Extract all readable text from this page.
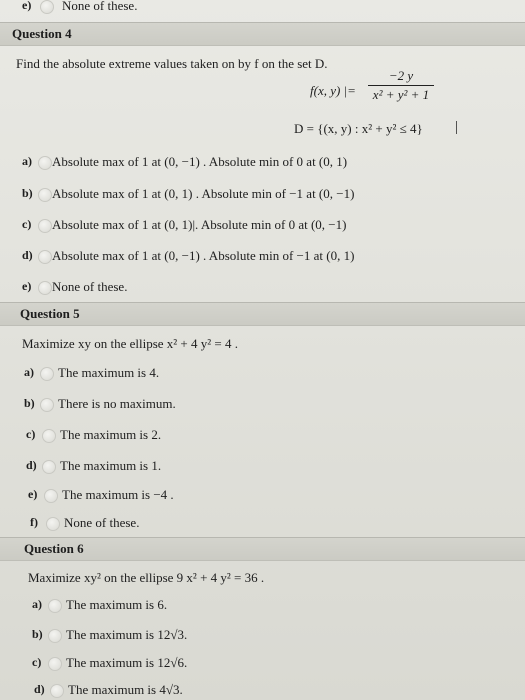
e) None of these.
Question 4
Find the absolute extreme values taken on by f on the set D.
f(x, y) |=
−2 y
x² + y² + 1
D = {(x, y) : x² + y² ≤ 4} |
a) Absolute max of 1 at (0, −1) . Absolute min of 0 at (0, 1)
b) Absolute max of 1 at (0, 1) . Absolute min of −1 at (0, −1)
c) Absolute max of 1 at (0, 1)|. Absolute min of 0 at (0, −1)
d) Absolute max of 1 at (0, −1) . Absolute min of −1 at (0, 1)
e) None of these.
Question 5
Maximize xy on the ellipse x² + 4 y² = 4 .
a) The maximum is 4.
b) There is no maximum.
c) The maximum is 2.
d) The maximum is 1.
e) The maximum is −4 .
f) None of these.
Question 6
Maximize xy² on the ellipse 9 x² + 4 y² = 36 .
a) The maximum is 6.
b) The maximum is 12√3.
c) The maximum is 12√6.
d) The maximum is 4√3.
